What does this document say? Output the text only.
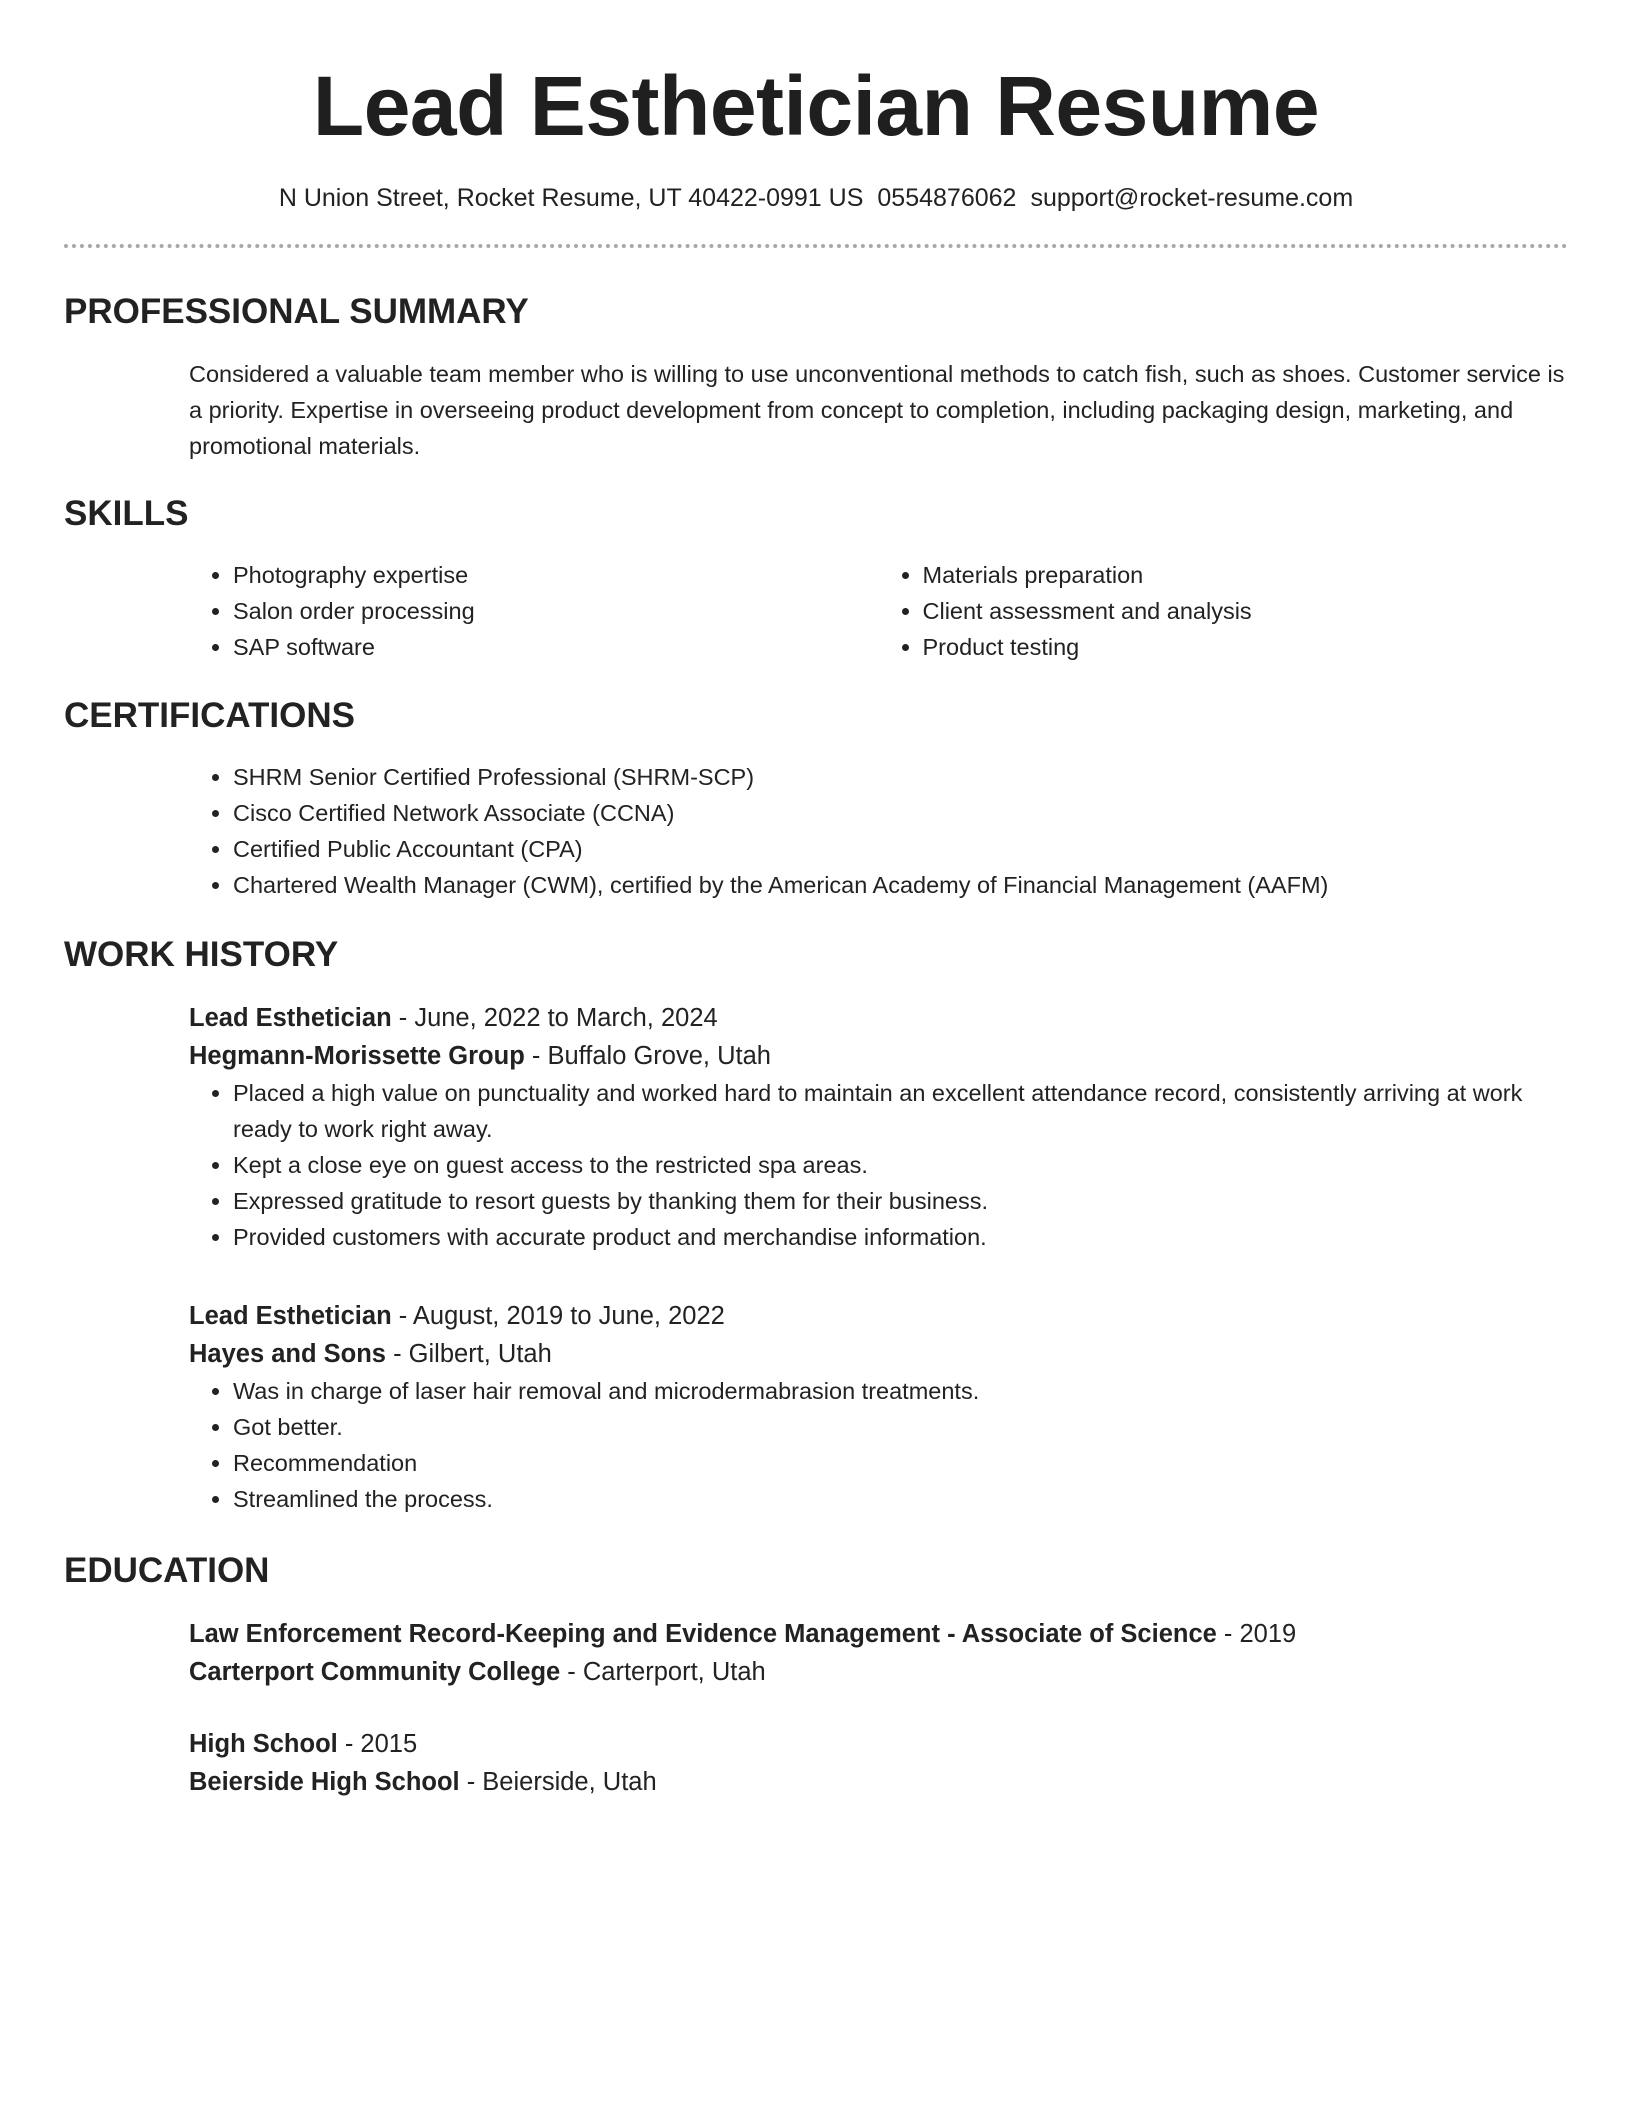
Lead Esthetician Resume
N Union Street, Rocket Resume, UT 40422-0991 US 0554876062 support@rocket-resume.com
PROFESSIONAL SUMMARY
Considered a valuable team member who is willing to use unconventional methods to catch fish, such as shoes. Customer service is a priority. Expertise in overseeing product development from concept to completion, including packaging design, marketing, and promotional materials.
SKILLS
• Photography expertise
• Salon order processing
• SAP software
• Materials preparation
• Client assessment and analysis
• Product testing
CERTIFICATIONS
• SHRM Senior Certified Professional (SHRM-SCP)
• Cisco Certified Network Associate (CCNA)
• Certified Public Accountant (CPA)
• Chartered Wealth Manager (CWM), certified by the American Academy of Financial Management (AAFM)
WORK HISTORY
Lead Esthetician - June, 2022 to March, 2024
Hegmann-Morissette Group - Buffalo Grove, Utah
• Placed a high value on punctuality and worked hard to maintain an excellent attendance record, consistently arriving at work ready to work right away.
• Kept a close eye on guest access to the restricted spa areas.
• Expressed gratitude to resort guests by thanking them for their business.
• Provided customers with accurate product and merchandise information.
Lead Esthetician - August, 2019 to June, 2022
Hayes and Sons - Gilbert, Utah
• Was in charge of laser hair removal and microdermabrasion treatments.
• Got better.
• Recommendation
• Streamlined the process.
EDUCATION
Law Enforcement Record-Keeping and Evidence Management - Associate of Science - 2019
Carterport Community College - Carterport, Utah
High School - 2015
Beierside High School - Beierside, Utah
